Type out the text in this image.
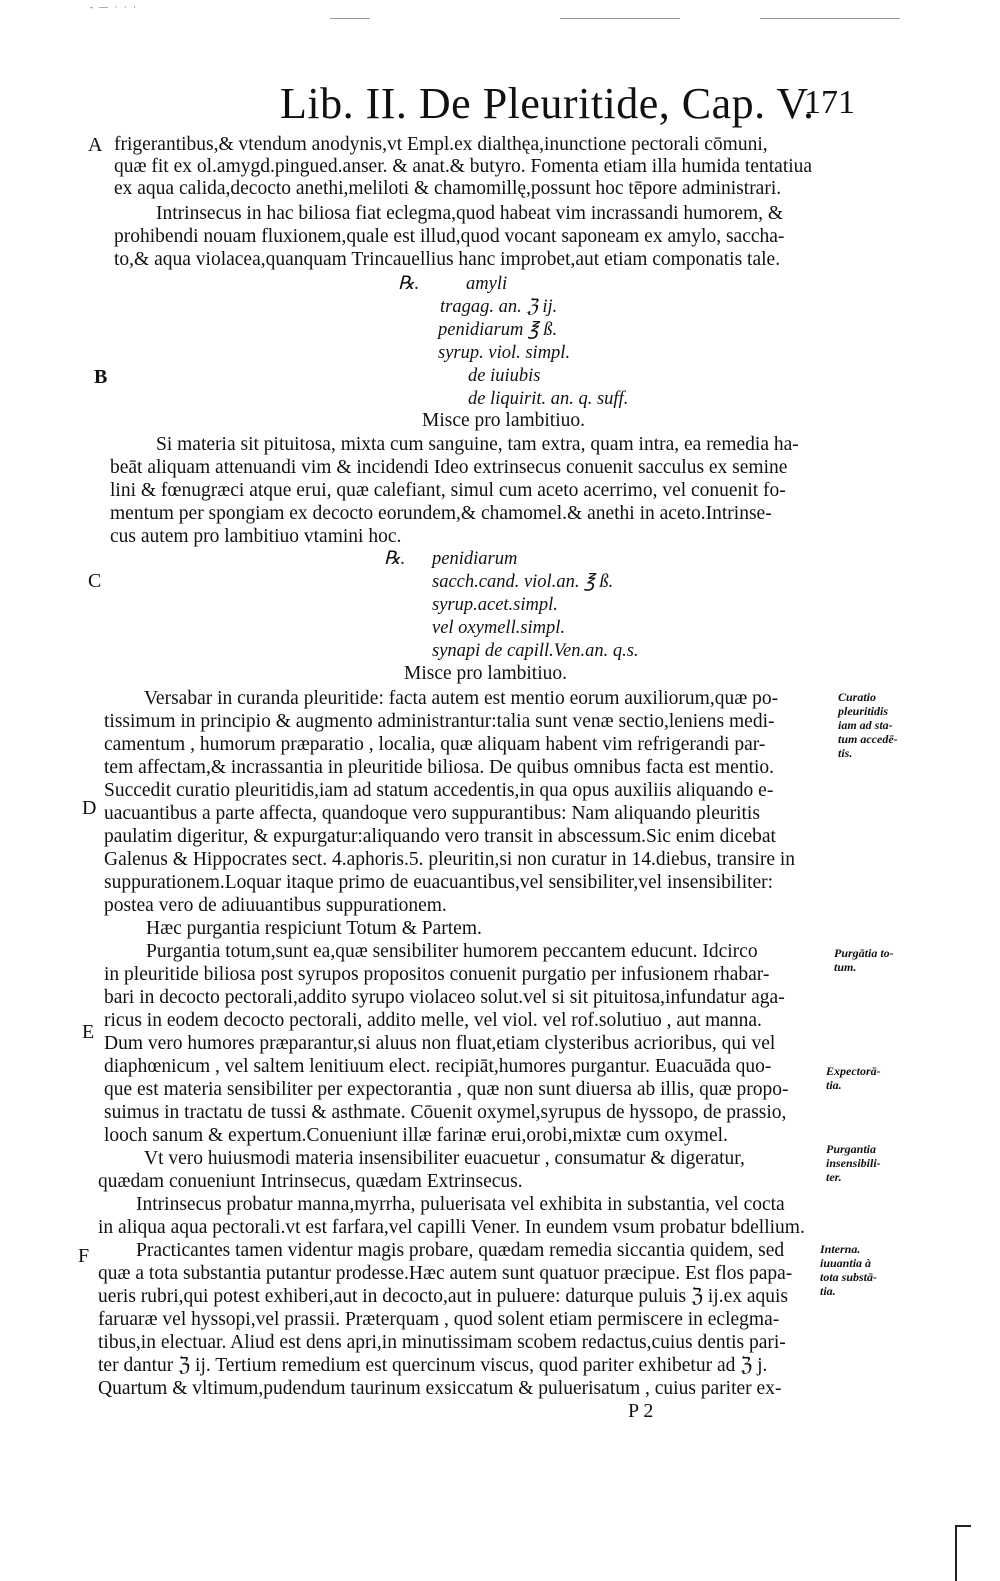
- — · · ·
Lib. II. De Pleuritide, Cap. V.
171
A
B
C
D
E
F
frigerantibus,& vtendum anodynis,vt Empl.ex dialthęa,inunctione pectorali cōmuni,
quæ fit ex ol.amygd.pingued.anser. & anat.& butyro. Fomenta etiam illa humida tentatiua
ex aqua calida,decocto anethi,meliloti & chamomillę,possunt hoc tēpore administrari.
Intrinsecus in hac biliosa fiat eclegma,quod habeat vim incrassandi humorem, &
prohibendi nouam fluxionem,quale est illud,quod vocant saponeam ex amylo, sacchа-
to,& aqua violacea,quanquam Trincauellius hanc improbet,aut etiam componatis tale.
℞.	amyli
tragag. an. ℨ ij.
penidiarum ℥ ß.
syrup. viol. simpl.
de iuiubis
de liquirit. an. q. suff.
Misce pro lambitiuo.
Si materia sit pituitosa, mixta cum sanguine, tam extra, quam intra, ea remedia ha-
beāt aliquam attenuandi vim & incidendi Ideo extrinsecus conuenit sacculus ex semine
lini & fœnugræci atque erui, quæ calefiant, simul cum aceto acerrimo, vel conuenit fo-
mentum per spongiam ex decocto eorundem,& chamomel.& anethi in aceto.Intrinse-
cus autem pro lambitiuo vtamini hoc.
℞. penidiarum
sacch.cand. viol.an. ℥ ß.
syrup.acet.simpl.
vel oxymell.simpl.
synapi de capill.Ven.an. q.s.
Misce pro lambitiuo.
Versabar in curanda pleuritide: facta autem est mentio eorum auxiliorum,quæ po-
tissimum in principio & augmento administrantur:talia sunt venæ sectio,leniens medi-
camentum , humorum præparatio , localia, quæ aliquam habent vim refrigerandi par-
tem affectam,& incrassantia in pleuritide biliosa. De quibus omnibus facta est mentio.
Succedit curatio pleuritidis,iam ad statum accedentis,in qua opus auxiliis aliquando e-
uacuantibus a parte affecta, quandoque vero suppurantibus: Nam aliquando pleuritis
paulatim digeritur, & expurgatur:aliquando vero transit in abscessum.Sic enim dicebat
Galenus & Hippocrates sect. 4.aphoris.5. pleuritin,si non curatur in 14.diebus, transire in
suppurationem.Loquar itaque primo de euacuantibus,vel sensibiliter,vel insensibiliter:
postea vero de adiuuantibus suppurationem.
Hæc purgantia respiciunt Totum & Partem.
Purgantia totum,sunt ea,quæ sensibiliter humorem peccantem educunt. Idcirco
in pleuritide biliosa post syrupos propositos conuenit purgatio per infusionem rhabar-
bari in decocto pectorali,addito syrupo violaceo solut.vel si sit pituitosa,infundatur aga-
ricus in eodem decocto pectorali, addito melle, vel viol. vel rof.solutiuo , aut manna.
Dum vero humores præparantur,si aluus non fluat,etiam clysteribus acrioribus, qui vel
diaphœnicum , vel saltem lenitiuum elect. recipiāt,humores purgantur. Euacuāda quo-
que est materia sensibiliter per expectorantia , quæ non sunt diuersa ab illis, quæ propo-
suimus in tractatu de tussi & asthmate. Cōuenit oxymel,syrupus de hyssopo, de prassio,
looch sanum & expertum.Conueniunt illæ farinæ erui,orobi,mixtæ cum oxymel.
Vt vero huiusmodi materia insensibiliter euacuetur , consumatur & digeratur,
quædam conueniunt Intrinsecus, quædam Extrinsecus.
Intrinsecus probatur manna,myrrha, puluerisata vel exhibita in substantia, vel cocta
in aliqua aqua pectorali.vt est farfara,vel capilli Vener. In eundem vsum probatur bdellium.
Practicantes tamen videntur magis probare, quædam remedia siccantia quidem, sed
quæ a tota substantia putantur prodesse.Hæc autem sunt quatuor præcipue. Est flos papa-
ueris rubri,qui potest exhiberi,aut in decocto,aut in puluere: daturque puluis ℨ ij.ex aquis
faruaræ vel hyssopi,vel prassii. Præterquam , quod solent etiam permiscere in eclegma-
tibus,in electuar. Aliud est dens apri,in minutissimam scobem redactus,cuius dentis pari-
ter dantur ℨ ij. Tertium remedium est quercinum viscus, quod pariter exhibetur ad ℨ j.
Quartum & vltimum,pudendum taurinum exsiccatum & puluerisatum , cuius pariter ex-
Curatio
pleuritidis
iam ad sta-
tum accedē-
tis.
Purgātia to-
tum.
Expectorā-
tia.
Purgantia
insensibili-
ter.
Interna.
iuuantia à
tota substā-
tia.
P 2
